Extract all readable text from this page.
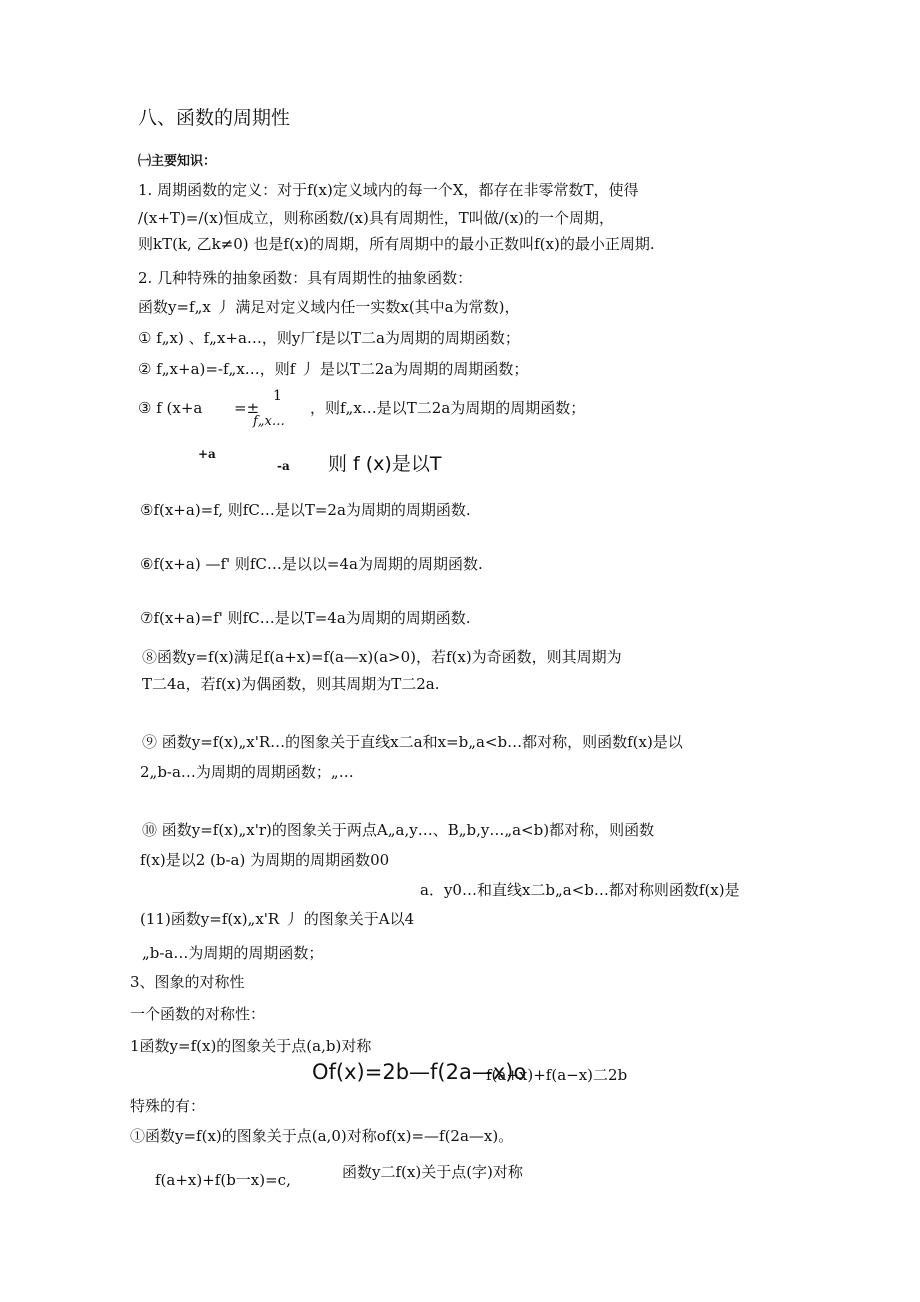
八、函数的周期性
㈠主要知识：
1. 周期函数的定义：对于f(x)定义域内的每一个X，都存在非零常数T，使得
/(x+T)=/(x)恒成立，则称函数/(x)具有周期性，T叫做/(x)的一个周期，
则kT(k, 乙k≠0) 也是f(x)的周期，所有周期中的最小正数叫f(x)的最小正周期.
2. 几种特殊的抽象函数：具有周期性的抽象函数：
函数y=f„x 丿 满足对定义域内任一实数x(其中a为常数)，
① f„x) 、f„x+a…，则y厂f是以T二a为周期的周期函数；
② f„x+a)=-f„x…，则f 丿 是以T二2a为周期的周期函数；
③ f (x+a =±
1
f„x…
，则f„x…是以T二2a为周期的周期函数；
+a
-a 则 f (x)是以T
⑤f(x+a)=f, 则fC…是以T=2a为周期的周期函数.
⑥f(x+a) —f' 则fC…是以以=4a为周期的周期函数.
⑦f(x+a)=f' 则fC…是以T=4a为周期的周期函数.
⑧函数y=f(x)满足f(a+x)=f(a—x)(a>0)，若f(x)为奇函数，则其周期为
T二4a，若f(x)为偶函数，则其周期为T二2a.
⑨ 函数y=f(x)„x'R…的图象关于直线x二a和x=b„a<b…都对称，则函数f(x)是以
2„b-a…为周期的周期函数；„…
⑩ 函数y=f(x)„x'r)的图象关于两点A„a,y…、B„b,y…„a<b)都对称，则函数
f(x)是以2 (b-a) 为周期的周期函数00
a．y0…和直线x二b„a<b…都对称则函数f(x)是
(11)函数y=f(x)„x'R 丿 的图象关于A以4
„b-a…为周期的周期函数；
3、图象的对称性
一个函数的对称性：
1函数y=f(x)的图象关于点(a,b)对称
Of(x)=2b—f(2a—x)o
f(a+x)+f(a−x)二2b
特殊的有：
①函数y=f(x)的图象关于点(a,0)对称of(x)=—f(2a—x)。
f(a+x)+f(b一x)=c,	函数y二f(x)关于点(字)对称
